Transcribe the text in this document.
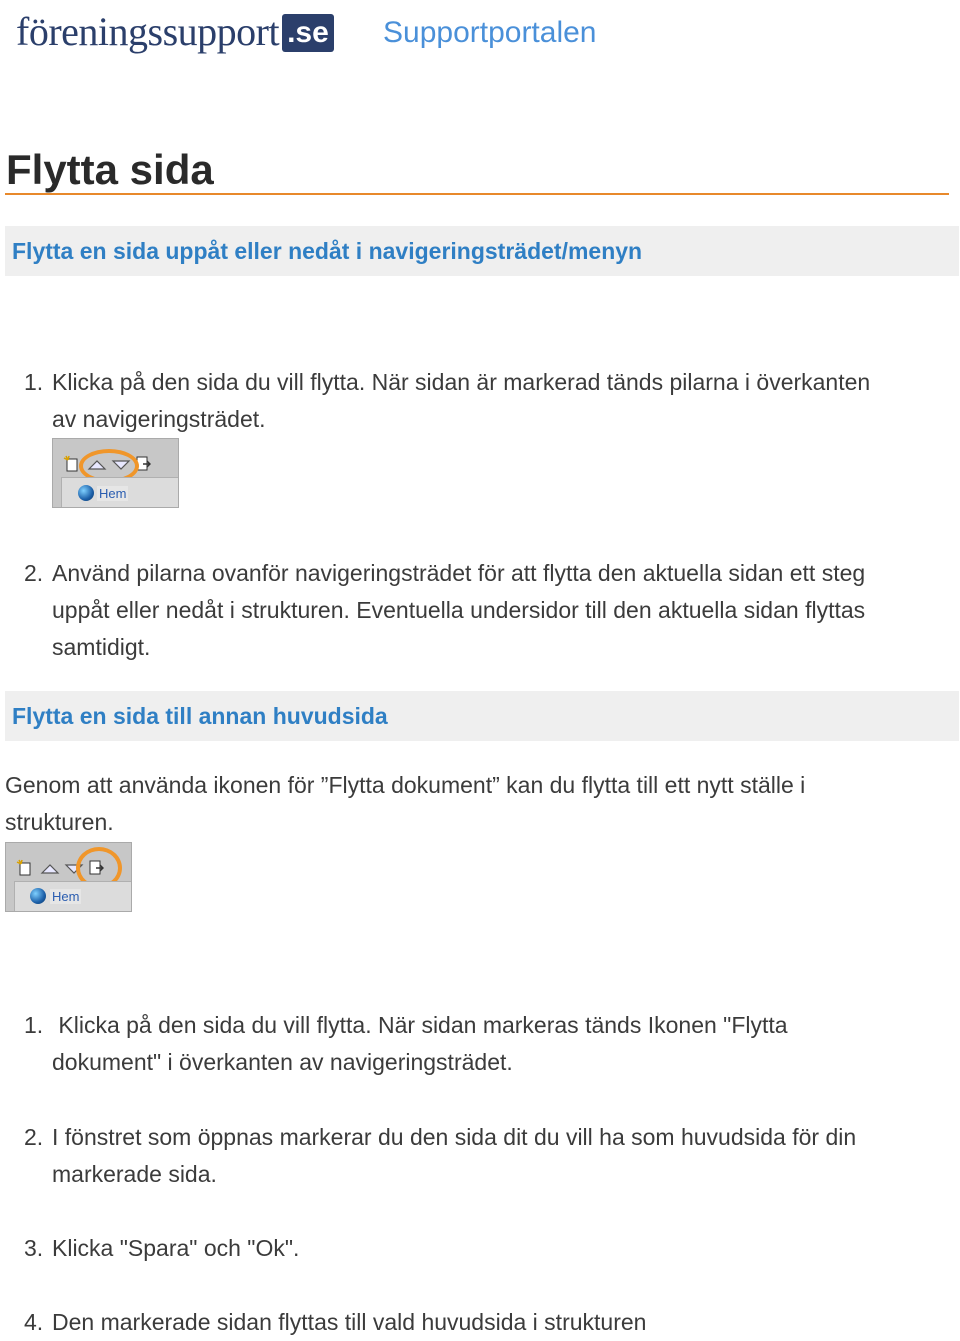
föreningssupport .se Supportportalen
Flytta sida
Flytta en sida uppåt eller nedåt i navigeringsträdet/menyn
1. Klicka på den sida du vill flytta. När sidan är markerad tänds pilarna i överkanten
av navigeringsträdet.
Hem
2. Använd pilarna ovanför navigeringsträdet för att flytta den aktuella sidan ett steg
uppåt eller nedåt i strukturen. Eventuella undersidor till den aktuella sidan flyttas
samtidigt.
Flytta en sida till annan huvudsida
Genom att använda ikonen för ”Flytta dokument” kan du flytta till ett nytt ställe i
strukturen.
Hem
1. Klicka på den sida du vill flytta. När sidan markeras tänds Ikonen "Flytta
dokument" i överkanten av navigeringsträdet.
2. I fönstret som öppnas markerar du den sida dit du vill ha som huvudsida för din
markerade sida.
3. Klicka "Spara" och "Ok".
4. Den markerade sidan flyttas till vald huvudsida i strukturen
